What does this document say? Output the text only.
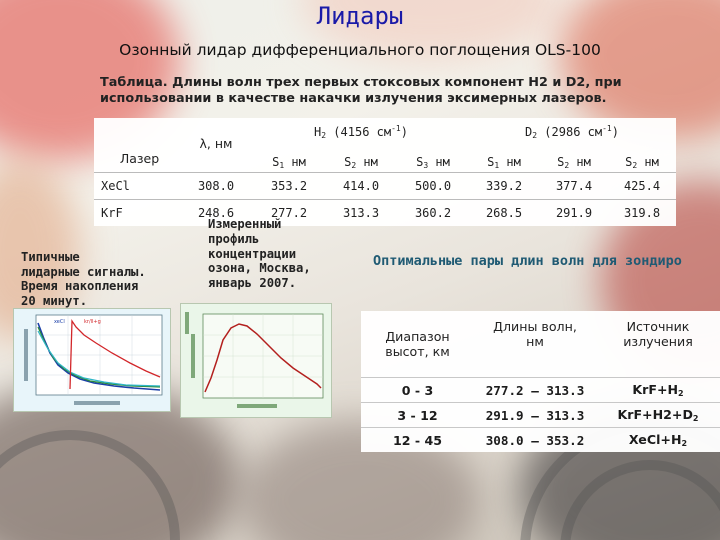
Лидары
Озонный лидар дифференциального поглощения OLS-100
Таблица. Длины волн трех первых стоксовых компонент Н2 и D2, при использовании в качестве накачки излучения эксимерных лазеров.
Лазер	λ, нм	$H_2$ (4156 $см^{-1}$)			$D_2$ (2986 $см^{-1}$)		
		$S_1$ нм	$S_2$ нм	$S_3$ нм	$S_1$ нм	$S_2$ нм	$S_2$ нм
XeCl	308.0	353.2	414.0	500.0	339.2	377.4	425.4
KrF	248.6	277.2	313.3	360.2	268.5	291.9	319.8
Типичные
лидарные сигналы.
Время накопления
20 минут.
Измеренный
профиль
концентрации
озона, Москва,
январь 2007.
Оптимальные пары длин волн для зондиро
xeCl	kr/ll+g
Диапазон высот, км	Длины волн, нм	Источник излучения
0 - 3	277.2 – 313.3	$KrF+H_2$
3 - 12	291.9 – 313.3	$KrF+H2+D_2$
12 - 45	308.0 – 353.2	$XeCl+H_2$
